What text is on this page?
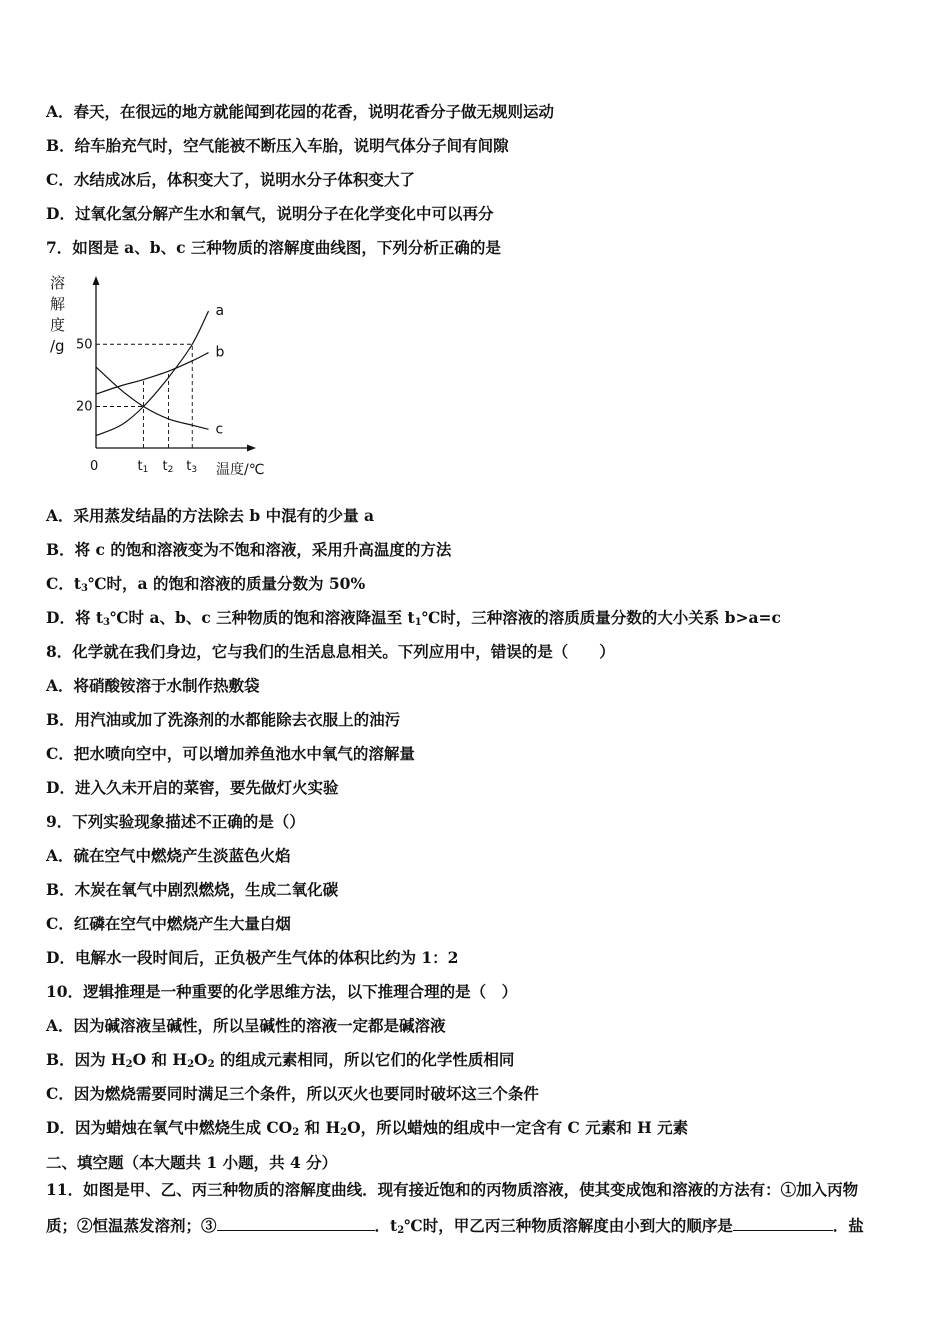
A．春天，在很远的地方就能闻到花园的花香，说明花香分子做无规则运动
B．给车胎充气时，空气能被不断压入车胎，说明气体分子间有间隙
C．水结成冰后，体积变大了，说明水分子体积变大了
D．过氧化氢分解产生水和氧气，说明分子在化学变化中可以再分
7．如图是 a、b、c 三种物质的溶解度曲线图，下列分析正确的是
溶
解
度
/g
a
b
c
20
50
t1 t2 t3
0	温度/℃
A．采用蒸发结晶的方法除去 b 中混有的少量 a
B．将 c 的饱和溶液变为不饱和溶液，采用升高温度的方法
C．$t_3℃$时，a 的饱和溶液的质量分数为 50%
D．将 $t_3℃$时 a、b、c 三种物质的饱和溶液降温至 $t_1℃$时，三种溶液的溶质质量分数的大小关系 b>a=c
8．化学就在我们身边，它与我们的生活息息相关。下列应用中，错误的是（　　）
A．将硝酸铵溶于水制作热敷袋
B．用汽油或加了洗涤剂的水都能除去衣服上的油污
C．把水喷向空中，可以增加养鱼池水中氧气的溶解量
D．进入久未开启的菜窖，要先做灯火实验
9．下列实验现象描述不正确的是（）
A．硫在空气中燃烧产生淡蓝色火焰
B．木炭在氧气中剧烈燃烧，生成二氧化碳
C．红磷在空气中燃烧产生大量白烟
D．电解水一段时间后，正负极产生气体的体积比约为 1：2
10．逻辑推理是一种重要的化学思维方法，以下推理合理的是（　）
A．因为碱溶液呈碱性，所以呈碱性的溶液一定都是碱溶液
B．因为 $H_2O$ 和 $H_2O_2$ 的组成元素相同，所以它们的化学性质相同
C．因为燃烧需要同时满足三个条件，所以灭火也要同时破坏这三个条件
D．因为蜡烛在氧气中燃烧生成 $CO_2$ 和 $H_2O$，所以蜡烛的组成中一定含有 C 元素和 H 元素
二、填空题（本大题共 1 小题，共 4 分）
11．如图是甲、乙、丙三种物质的溶解度曲线．现有接近饱和的丙物质溶液，使其变成饱和溶液的方法有：①加入丙物
质；②恒温蒸发溶剂；③	．$t_2℃$时，甲乙丙三种物质溶解度由小到大的顺序是	．盐
